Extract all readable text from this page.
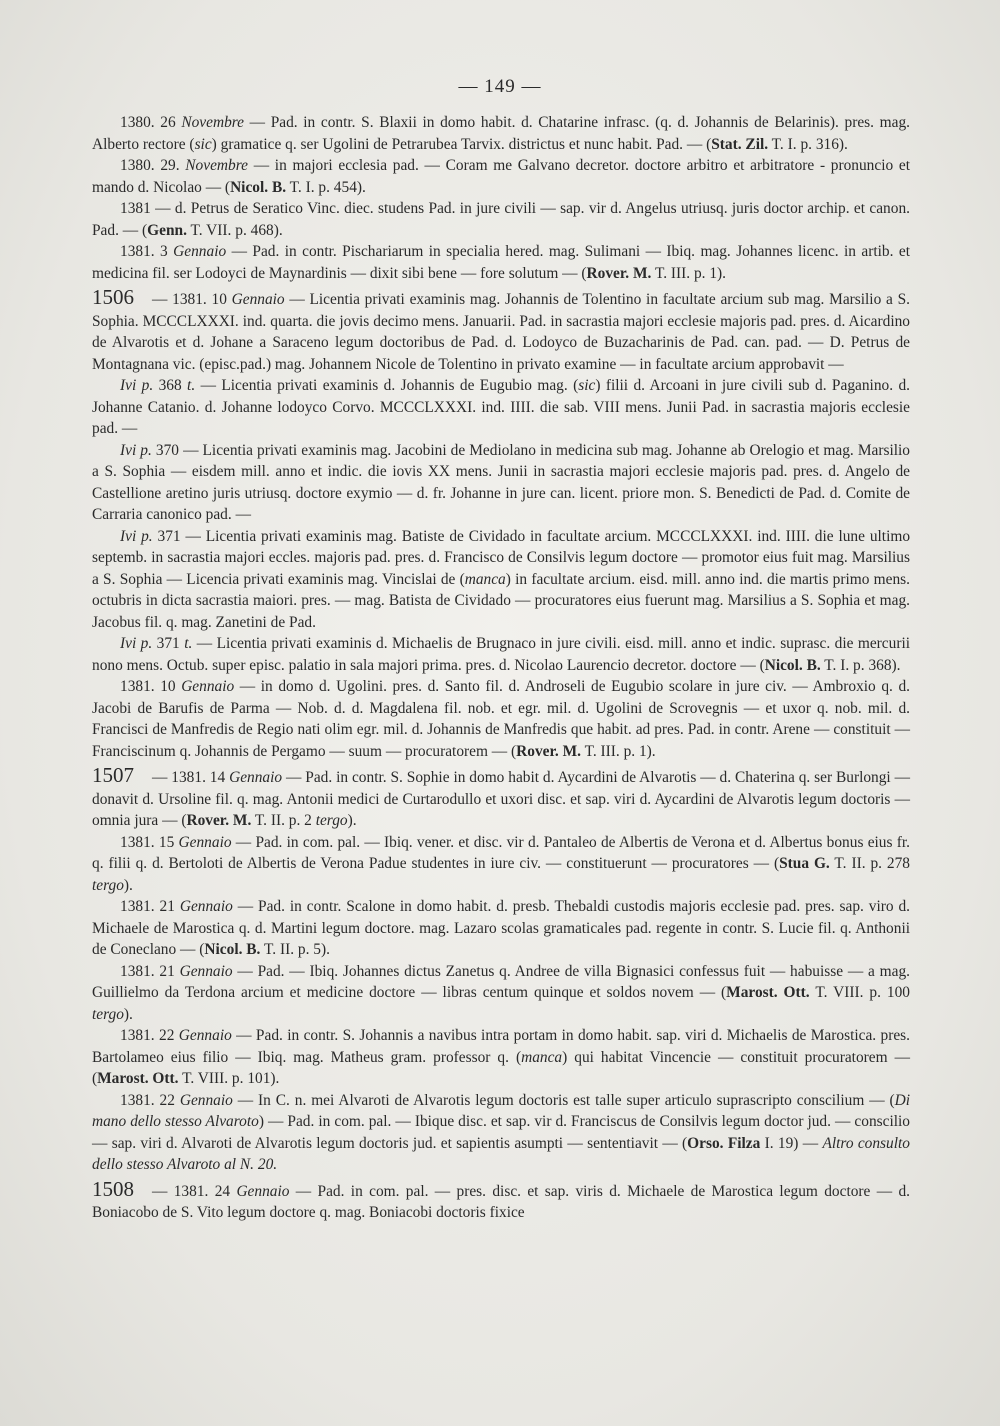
— 149 —

1380. 26 Novembre — Pad. in contr. S. Blaxii in domo habit. d. Chatarine infrasc. (q. d. Johannis de Belarinis). pres. mag. Alberto rectore (sic) gramatice q. ser Ugolini de Petrarubea Tarvix. districtus et nunc habit. Pad. — (Stat. Zil. T. I. p. 316).

1380. 29. Novembre — in majori ecclesia pad. — Coram me Galvano decretor. doctore arbitro et arbitratore - pronuncio et mando d. Nicolao — (Nicol. B. T. I. p. 454).

1381 — d. Petrus de Seratico Vinc. diec. studens Pad. in jure civili — sap. vir d. Angelus utriusq. juris doctor archip. et canon. Pad. — (Genn. T. VII. p. 468).

1381. 3 Gennaio — Pad. in contr. Pischariarum in specialia hered. mag. Sulimani — Ibiq. mag. Johannes licenc. in artib. et medicina fil. ser Lodoyci de Maynardinis — dixit sibi bene — fore solutum — (Rover. M. T. III. p. 1).

1506 — 1381. 10 Gennaio — Licentia privati examinis mag. Johannis de Tolentino in facultate arcium sub mag. Marsilio a S. Sophia. MCCCLXXXI. ind. quarta. die jovis decimo mens. Januarii. Pad. in sacrastia majori ecclesie majoris pad. pres. d. Aicardino de Alvarotis et d. Johane a Saraceno legum doctoribus de Pad. d. Lodoyco de Buzacharinis de Pad. can. pad. — D. Petrus de Montagnana vic. (episc.pad.) mag. Johannem Nicole de Tolentino in privato examine — in facultate arcium approbavit —

Ivi p. 368 t. — Licentia privati examinis d. Johannis de Eugubio mag. (sic) filii d. Arcoani in jure civili sub d. Paganino. d. Johanne Catanio. d. Johanne lodoyco Corvo. MCCCLXXXI. ind. IIII. die sab. VIII mens. Junii Pad. in sacrastia majoris ecclesie pad. —

Ivi p. 370 — Licentia privati examinis mag. Jacobini de Mediolano in medicina sub mag. Johanne ab Orelogio et mag. Marsilio a S. Sophia — eisdem mill. anno et indic. die iovis XX mens. Junii in sacrastia majori ecclesie majoris pad. pres. d. Angelo de Castellione aretino juris utriusq. doctore exymio — d. fr. Johanne in jure can. licent. priore mon. S. Benedicti de Pad. d. Comite de Carraria canonico pad. —

Ivi p. 371 — Licentia privati examinis mag. Batiste de Cividado in facultate arcium. MCCCLXXXI. ind. IIII. die lune ultimo septemb. in sacrastia majori eccles. majoris pad. pres. d. Francisco de Consilvis legum doctore — promotor eius fuit mag. Marsilius a S. Sophia — Licencia privati examinis mag. Vincislai de (manca) in facultate arcium. eisd. mill. anno ind. die martis primo mens. octubris in dicta sacrastia maiori. pres. — mag. Batista de Cividado — procuratores eius fuerunt mag. Marsilius a S. Sophia et mag. Jacobus fil. q. mag. Zanetini de Pad.

Ivi p. 371 t. — Licentia privati examinis d. Michaelis de Brugnaco in jure civili. eisd. mill. anno et indic. suprasc. die mercurii nono mens. Octub. super episc. palatio in sala majori prima. pres. d. Nicolao Laurencio decretor. doctore — (Nicol. B. T. I. p. 368).

1381. 10 Gennaio — in domo d. Ugolini. pres. d. Santo fil. d. Androseli de Eugubio scolare in jure civ. — Ambroxio q. d. Jacobi de Barufis de Parma — Nob. d. d. Magdalena fil. nob. et egr. mil. d. Ugolini de Scrovegnis — et uxor q. nob. mil. d. Francisci de Manfredis de Regio nati olim egr. mil. d. Johannis de Manfredis que habit. ad pres. Pad. in contr. Arene — constituit — Franciscinum q. Johannis de Pergamo — suum — procuratorem — (Rover. M. T. III. p. 1).

1507 — 1381. 14 Gennaio — Pad. in contr. S. Sophie in domo habit d. Aycardini de Alvarotis — d. Chaterina q. ser Burlongi — donavit d. Ursoline fil. q. mag. Antonii medici de Curtarodullo et uxori disc. et sap. viri d. Aycardini de Alvarotis legum doctoris — omnia jura — (Rover. M. T. II. p. 2 tergo).

1381. 15 Gennaio — Pad. in com. pal. — Ibiq. vener. et disc. vir d. Pantaleo de Albertis de Verona et d. Albertus bonus eius fr. q. filii q. d. Bertoloti de Albertis de Verona Padue studentes in iure civ. — constituerunt — procuratores — (Stua G. T. II. p. 278 tergo).

1381. 21 Gennaio — Pad. in contr. Scalone in domo habit. d. presb. Thebaldi custodis majoris ecclesie pad. pres. sap. viro d. Michaele de Marostica q. d. Martini legum doctore. mag. Lazaro scolas gramaticales pad. regente in contr. S. Lucie fil. q. Anthonii de Coneclano — (Nicol. B. T. II. p. 5).

1381. 21 Gennaio — Pad. — Ibiq. Johannes dictus Zanetus q. Andree de villa Bignasici confessus fuit — habuisse — a mag. Guillielmo da Terdona arcium et medicine doctore — libras centum quinque et soldos novem — (Marost. Ott. T. VIII. p. 100 tergo).

1381. 22 Gennaio — Pad. in contr. S. Johannis a navibus intra portam in domo habit. sap. viri d. Michaelis de Marostica. pres. Bartolameo eius filio — Ibiq. mag. Matheus gram. professor q. (manca) qui habitat Vincencie — constituit procuratorem — (Marost. Ott. T. VIII. p. 101).

1381. 22 Gennaio — In C. n. mei Alvaroti de Alvarotis legum doctoris est talle super articulo suprascripto conscilium — (Di mano dello stesso Alvaroto) — Pad. in com. pal. — Ibique disc. et sap. vir d. Franciscus de Consilvis legum doctor jud. — conscilio — sap. viri d. Alvaroti de Alvarotis legum doctoris jud. et sapientis asumpti — sententiavit — (Orso. Filza I. 19) — Altro consulto dello stesso Alvaroto al N. 20.

1508 — 1381. 24 Gennaio — Pad. in com. pal. — pres. disc. et sap. viris d. Michaele de Marostica legum doctore — d. Boniacobo de S. Vito legum doctore q. mag. Boniacobi doctoris fixice
